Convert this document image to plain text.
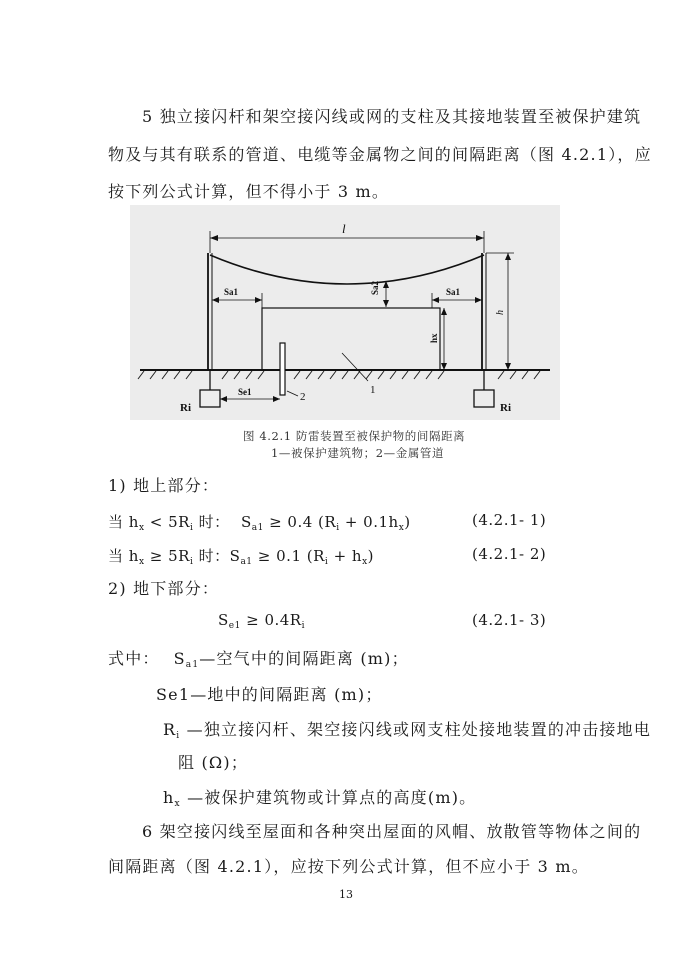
5 独立接闪杆和架空接闪线或网的支柱及其接地装置至被保护建筑
物及与其有联系的管道、电缆等金属物之间的间隔距离（图 4.2.1），应
按下列公式计算，但不得小于 3 m。
l
Sa1	Sa1
Sa2
hx
h
Se1	1
2
Ri	Ri
图 4.2.1 防雷装置至被保护物的间隔距离
1—被保护建筑物；2—金属管道
1) 地上部分：
当 $h_x < 5R_i$ 时： $S_{a1} \ge 0.4$ $(R_i + 0.1h_x)$	(4.2.1- 1)
当 $h_x \ge 5R_i$ 时：$S_{a1} \ge 0.1$ $(R_i + h_x)$	(4.2.1- 2)
2) 地下部分：
$S_{e1} \ge 0.4R_i$	(4.2.1- 3)
式中： $S_{a1}—$空气中的间隔距离 (m)；
Se1—地中的间隔距离 (m)；
$R_i$ —独立接闪杆、架空接闪线或网支柱处接地装置的冲击接地电
阻 (Ω)；
$h_x$ —被保护建筑物或计算点的高度(m)。
6 架空接闪线至屋面和各种突出屋面的风帽、放散管等物体之间的
间隔距离（图 4.2.1），应按下列公式计算，但不应小于 3 m。
13
